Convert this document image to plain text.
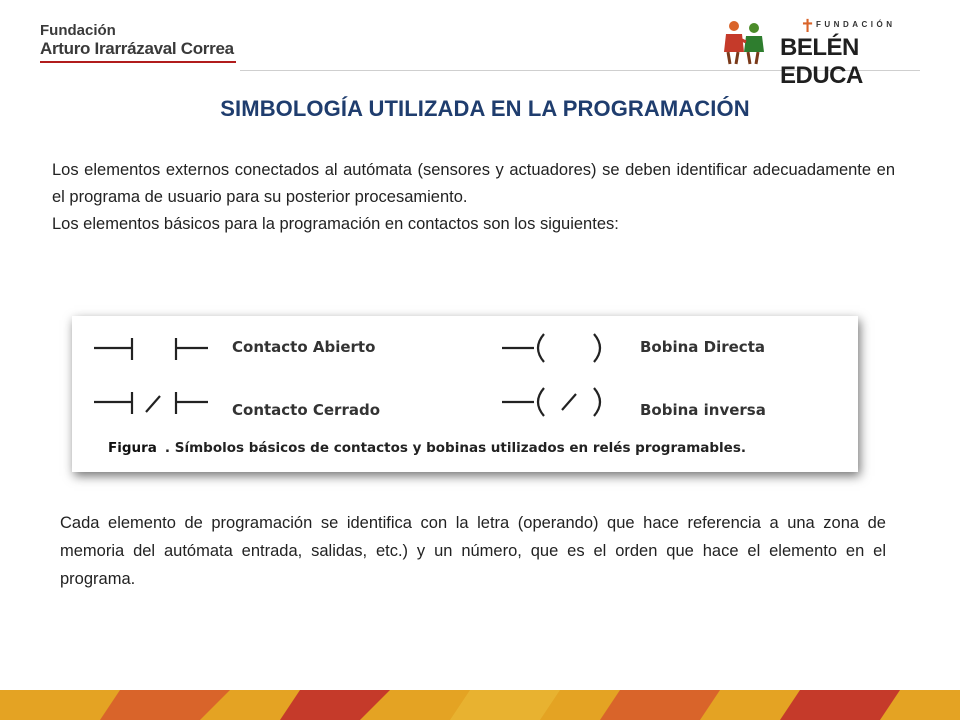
Fundación
Arturo Irarrázaval Correa
✝ FUNDACIÓN
BELÉN EDUCA
SIMBOLOGÍA UTILIZADA EN LA PROGRAMACIÓN

Los elementos externos conectados al autómata (sensores y actuadores) se deben identificar adecuadamente en el programa de usuario para su posterior procesamiento.

Los elementos básicos para la programación en contactos son los siguientes:

Contacto Abierto
Contacto Cerrado
Bobina Directa
Bobina inversa
Figura . Símbolos básicos de contactos y bobinas utilizados en relés programables.
Cada elemento de programación se identifica con la letra (operando) que hace referencia a una zona de memoria del autómata entrada, salidas, etc.) y un número, que es el orden que hace el elemento en el programa.
